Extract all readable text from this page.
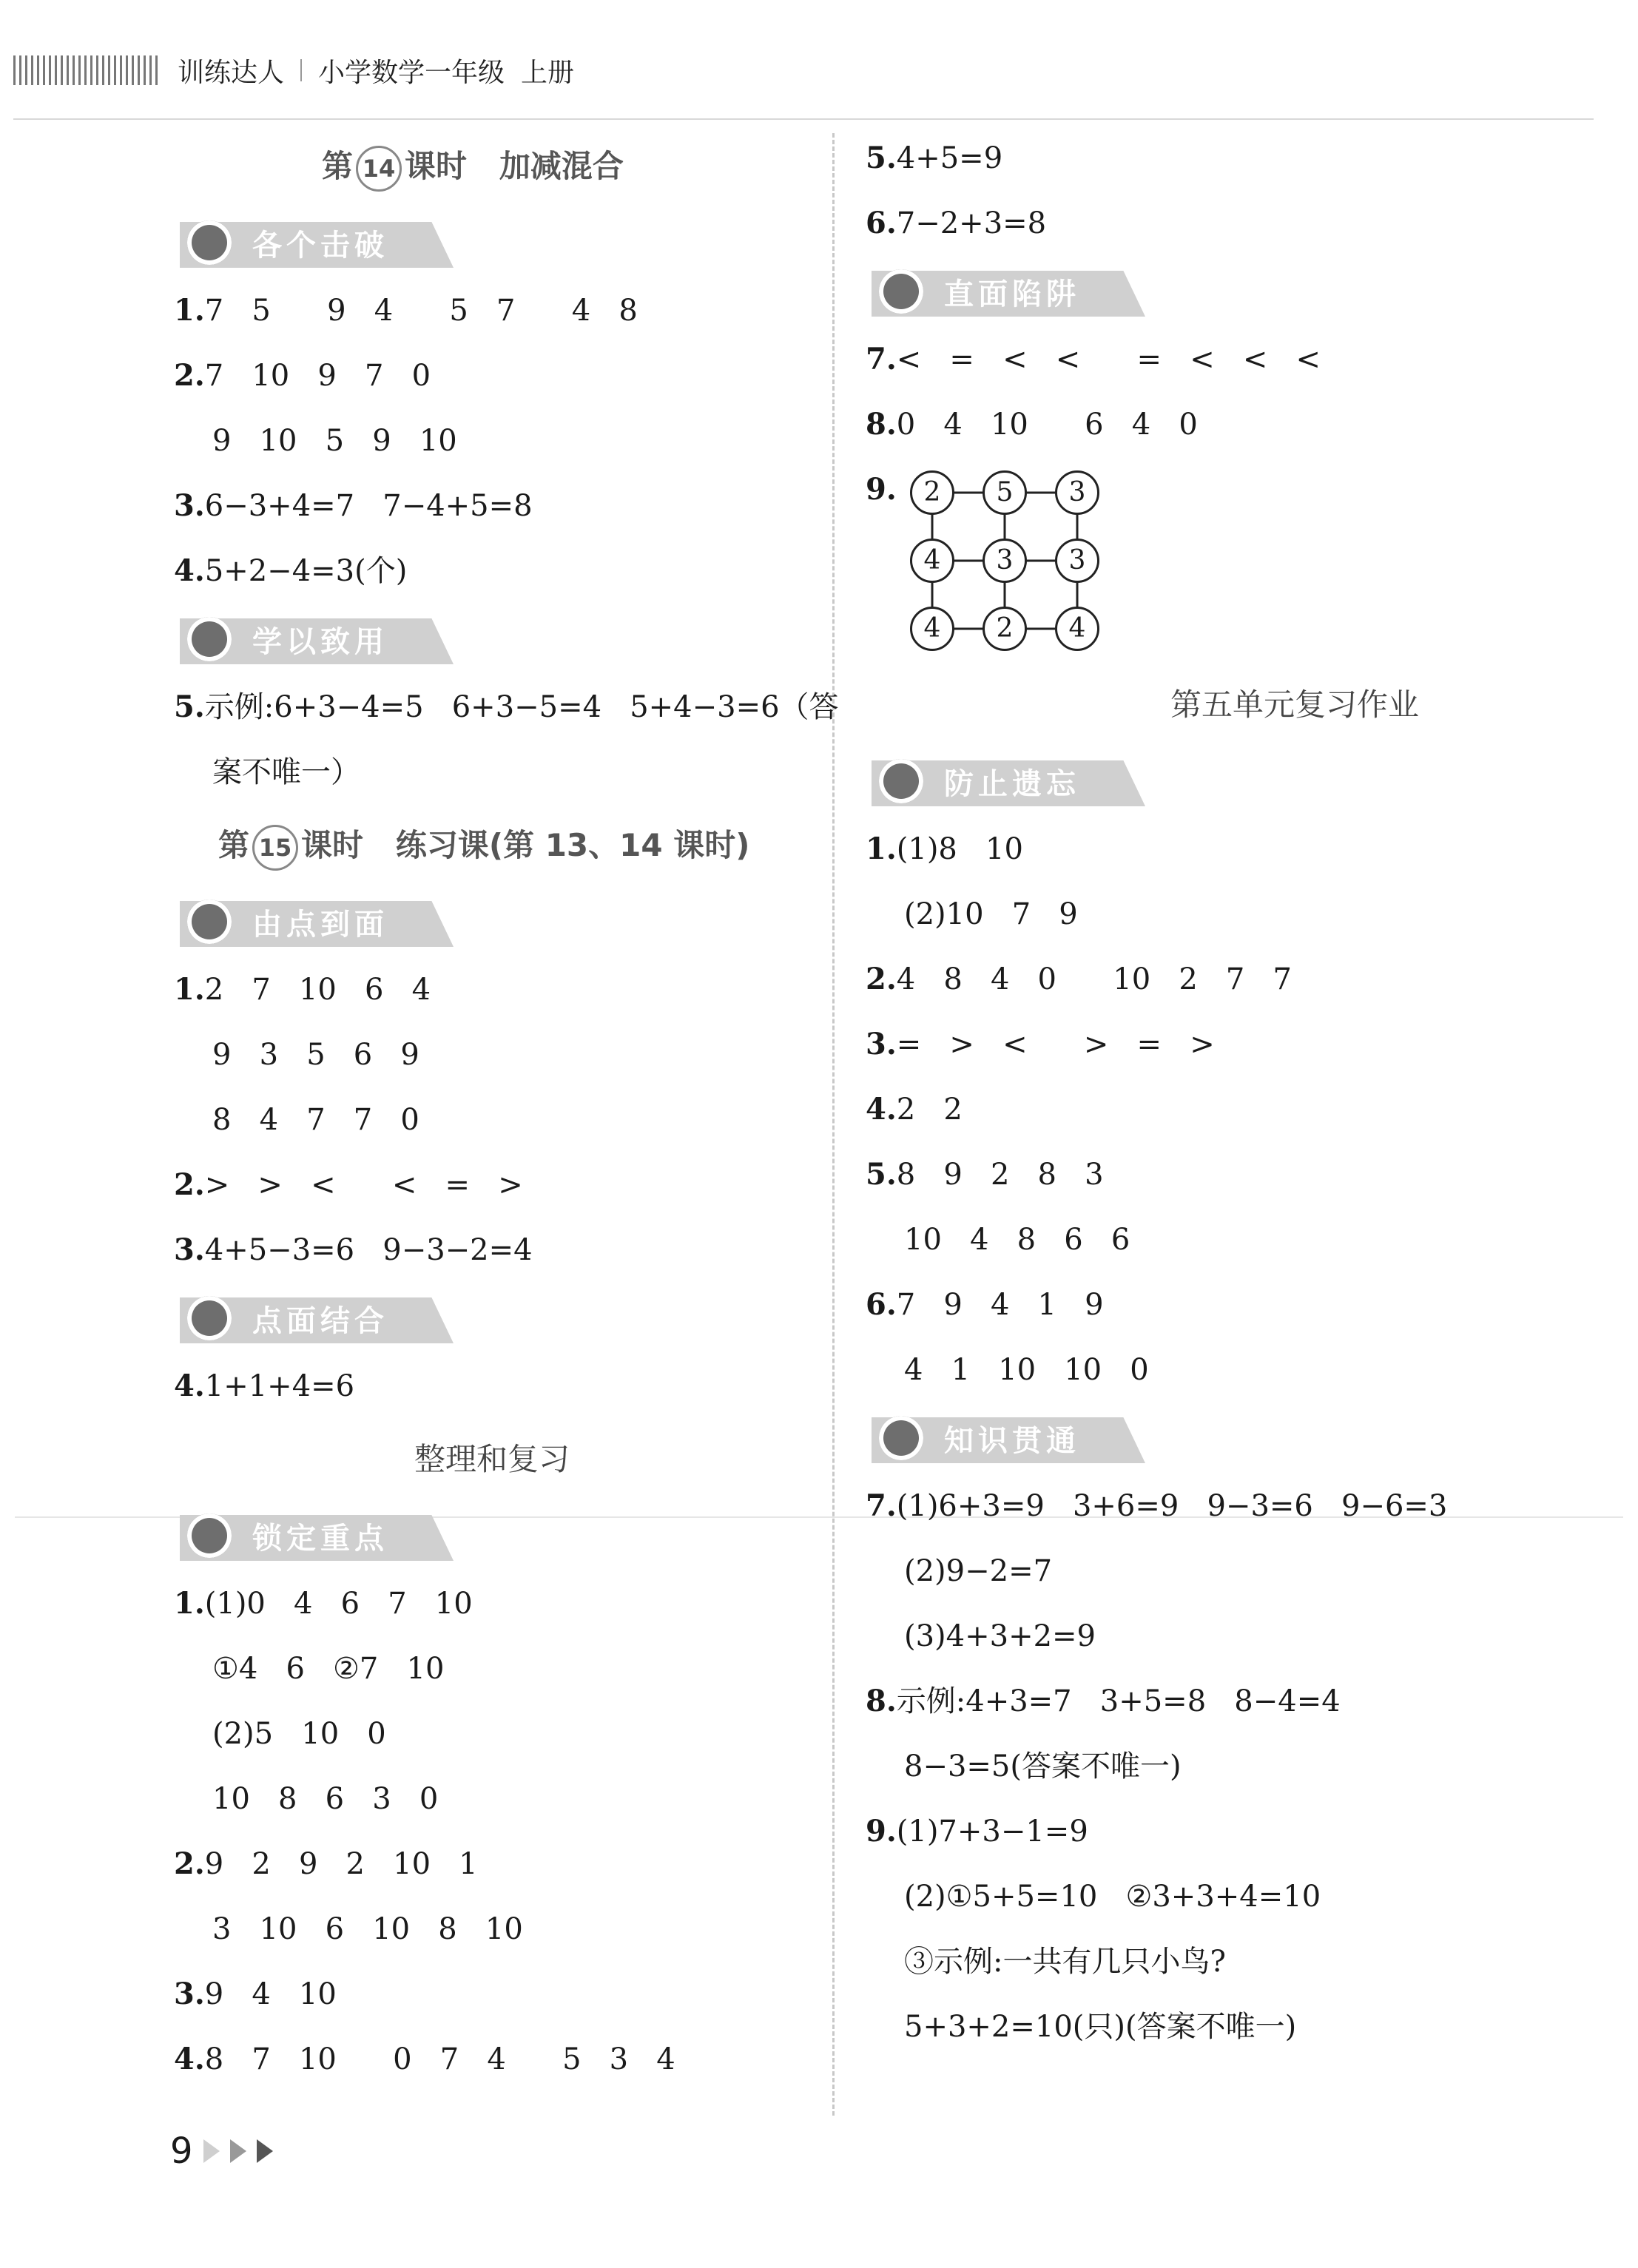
训练达人 小学数学一年级 上册
第 14 课时   加减混合
各个击破
1.7   5      9   4      5   7      4   8
2.7   10   9   7   0
9   10   5   9   10
3.6−3+4=7   7−4+5=8
4.5+2−4=3(个)
学以致用
5.示例:6+3−4=5   6+3−5=4   5+4−3=6（答
案不唯一）
第 15 课时   练习课(第 13、14 课时)
由点到面
1.2   7   10   6   4
9   3   5   6   9
8   4   7   7   0
2.>   >   <      <   =   >
3.4+5−3=6   9−3−2=4
点面结合
4.1+1+4=6
整理和复习
锁定重点
1.(1)0   4   6   7   10
①4   6   ②7   10
(2)5   10   0
10   8   6   3   0
2.9   2   9   2   10   1
3   10   6   10   8   10
3.9   4   10
4.8   7   10      0   7   4      5   3   4
5.4+5=9
6.7−2+3=8
直面陷阱
7.<   =   <   <      =   <   <   <
8.0   4   10      6   4   0
9.	2	5	3
4	3	3
4	2	4
第五单元复习作业
防止遗忘
1.(1)8   10
(2)10   7   9
2.4   8   4   0      10   2   7   7
3.=   >   <      >   =   >
4.2   2
5.8   9   2   8   3
10   4   8   6   6
6.7   9   4   1   9
4   1   10   10   0
知识贯通
7.(1)6+3=9   3+6=9   9−3=6   9−6=3
(2)9−2=7
(3)4+3+2=9
8.示例:4+3=7   3+5=8   8−4=4
8−3=5(答案不唯一)
9.(1)7+3−1=9
(2)①5+5=10   ②3+3+4=10
③示例:一共有几只小鸟?
5+3+2=10(只)(答案不唯一)
9
